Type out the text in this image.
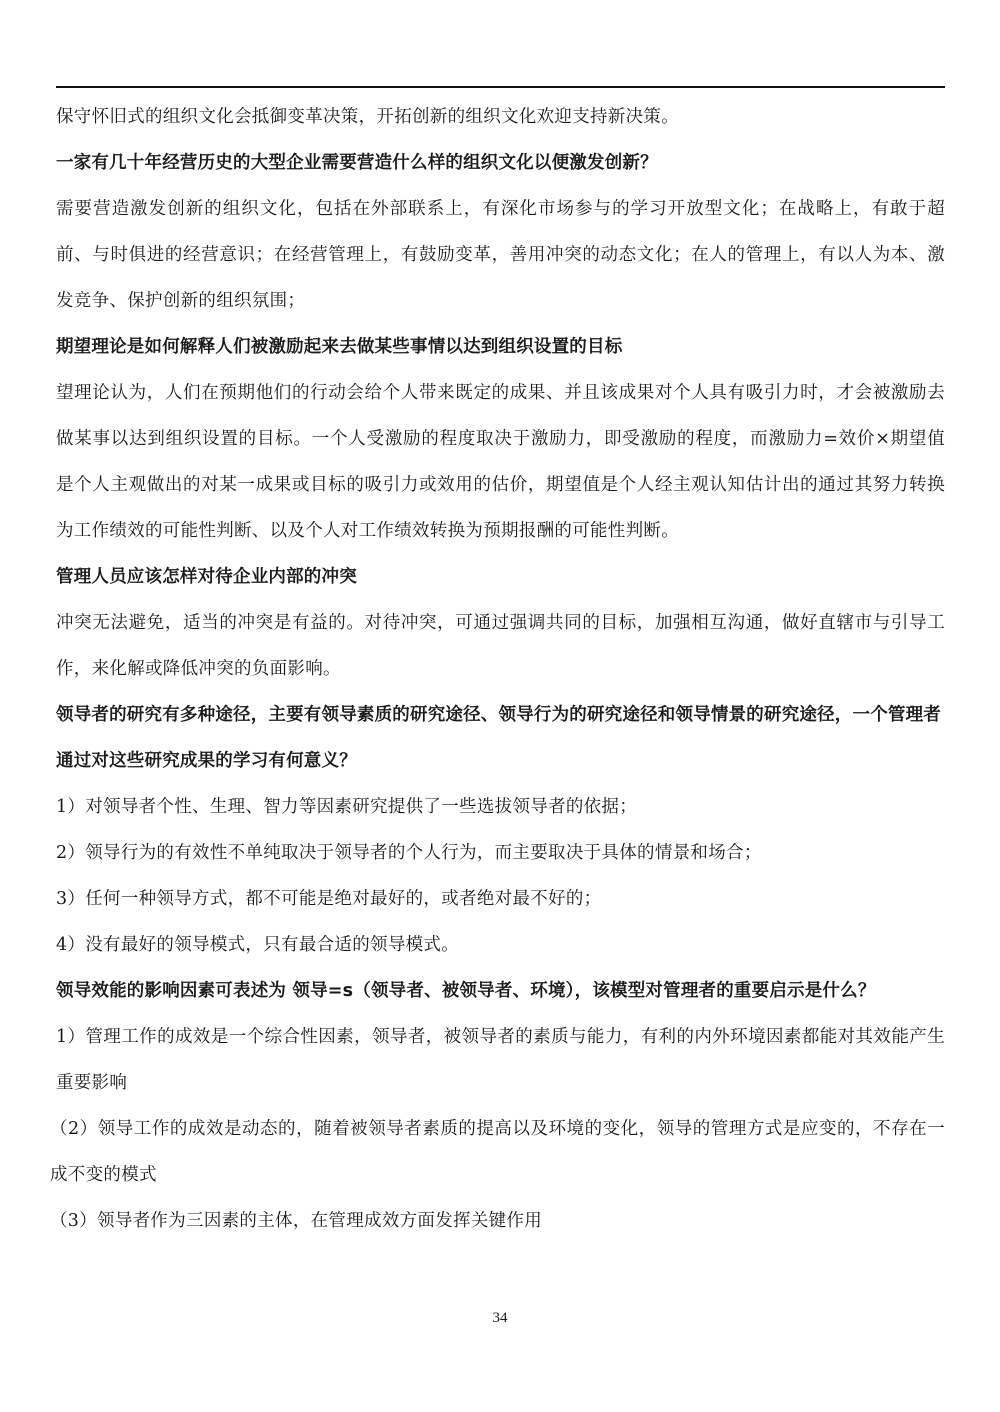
保守怀旧式的组织文化会抵御变革决策，开拓创新的组织文化欢迎支持新决策。

一家有几十年经营历史的大型企业需要营造什么样的组织文化以便激发创新？

需要营造激发创新的组织文化，包括在外部联系上，有深化市场参与的学习开放型文化；在战略上，有敢于超前、与时俱进的经营意识；在经营管理上，有鼓励变革，善用冲突的动态文化；在人的管理上，有以人为本、激发竞争、保护创新的组织氛围；

期望理论是如何解释人们被激励起来去做某些事情以达到组织设置的目标

望理论认为，人们在预期他们的行动会给个人带来既定的成果、并且该成果对个人具有吸引力时，才会被激励去做某事以达到组织设置的目标。一个人受激励的程度取决于激励力，即受激励的程度，而激励力=效价×期望值　是个人主观做出的对某一成果或目标的吸引力或效用的估价，期望值是个人经主观认知估计出的通过其努力转换为工作绩效的可能性判断、以及个人对工作绩效转换为预期报酬的可能性判断。

管理人员应该怎样对待企业内部的冲突

冲突无法避免，适当的冲突是有益的。对待冲突，可通过强调共同的目标，加强相互沟通，做好直辖市与引导工作，来化解或降低冲突的负面影响。

领导者的研究有多种途径，主要有领导素质的研究途径、领导行为的研究途径和领导情景的研究途径，一个管理者通过对这些研究成果的学习有何意义？

1）对领导者个性、生理、智力等因素研究提供了一些选拔领导者的依据；

2）领导行为的有效性不单纯取决于领导者的个人行为，而主要取决于具体的情景和场合；

3）任何一种领导方式，都不可能是绝对最好的，或者绝对最不好的；

4）没有最好的领导模式，只有最合适的领导模式。

领导效能的影响因素可表述为 领导=s（领导者、被领导者、环境），该模型对管理者的重要启示是什么？

1）管理工作的成效是一个综合性因素，领导者，被领导者的素质与能力，有利的内外环境因素都能对其效能产生重要影响

（2）领导工作的成效是动态的，随着被领导者素质的提高以及环境的变化，领导的管理方式是应变的，不存在一成不变的模式

（3）领导者作为三因素的主体，在管理成效方面发挥关键作用

34
